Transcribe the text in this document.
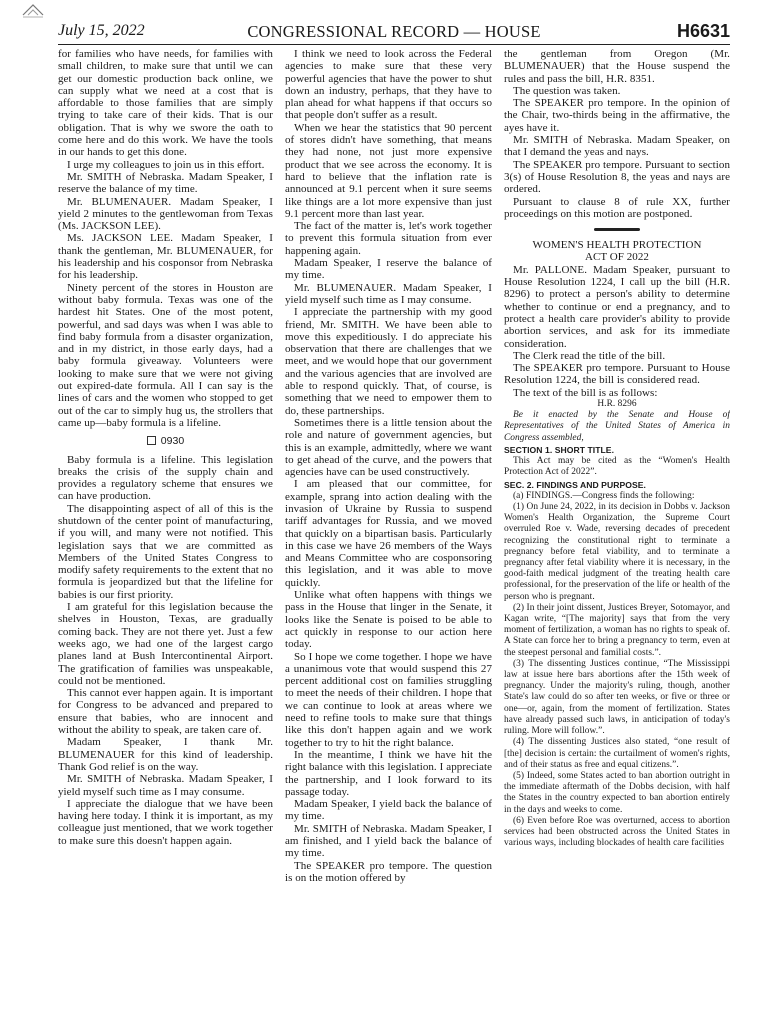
July 15, 2022	CONGRESSIONAL RECORD — HOUSE	H6631

for families who have needs, for families with small children, to make sure that until we can get our domestic production back online, we can supply what we need at a cost that is affordable to those families that are simply trying to take care of their kids. That is our obligation. That is why we swore the oath to come here and do this work. We have the tools in our hands to get this done.

I urge my colleagues to join us in this effort.

Mr. SMITH of Nebraska. Madam Speaker, I reserve the balance of my time.

Mr. BLUMENAUER. Madam Speaker, I yield 2 minutes to the gentlewoman from Texas (Ms. JACKSON LEE).

Ms. JACKSON LEE. Madam Speaker, I thank the gentleman, Mr. BLUMENAUER, for his leadership and his cosponsor from Nebraska for his leadership.

Ninety percent of the stores in Houston are without baby formula. Texas was one of the hardest hit States. One of the most potent, powerful, and sad days was when I was able to find baby formula from a disaster organization, and in my district, in those early days, had a baby formula giveaway. Volunteers were looking to make sure that we were not giving out expired-date formula. All I can say is the lines of cars and the women who stopped to get out of the car to simply hug us, the strollers that came up—baby formula is a lifeline.

0930

Baby formula is a lifeline. This legislation breaks the crisis of the supply chain and provides a regulatory scheme that ensures we can have production.

The disappointing aspect of all of this is the shutdown of the center point of manufacturing, if you will, and many were not notified. This legislation says that we are committed as Members of the United States Congress to modify safety requirements to the extent that no formula is jeopardized but that the lifeline for babies is our first priority.

I am grateful for this legislation because the shelves in Houston, Texas, are gradually coming back. They are not there yet. Just a few weeks ago, we had one of the largest cargo planes land at Bush Intercontinental Airport. The gratification of families was unspeakable, could not be mentioned.

This cannot ever happen again. It is important for Congress to be advanced and prepared to ensure that babies, who are innocent and without the ability to speak, are taken care of.

Madam Speaker, I thank Mr. BLUMENAUER for this kind of leadership. Thank God relief is on the way.

Mr. SMITH of Nebraska. Madam Speaker, I yield myself such time as I may consume.

I appreciate the dialogue that we have been having here today. I think it is important, as my colleague just mentioned, that we work together to make sure this doesn't happen again.

I think we need to look across the Federal agencies to make sure that these very powerful agencies that have the power to shut down an industry, perhaps, that they have to plan ahead for what happens if that occurs so that people don't suffer as a result.

When we hear the statistics that 90 percent of stores didn't have something, that means they had none, not just more expensive product that we see across the economy. It is hard to believe that the inflation rate is announced at 9.1 percent when it sure seems like things are a lot more expensive than just 9.1 percent more than last year.

The fact of the matter is, let's work together to prevent this formula situation from ever happening again.

Madam Speaker, I reserve the balance of my time.

Mr. BLUMENAUER. Madam Speaker, I yield myself such time as I may consume.

I appreciate the partnership with my good friend, Mr. SMITH. We have been able to move this expeditiously. I do appreciate his observation that there are challenges that we meet, and we would hope that our government and the various agencies that are involved are able to respond quickly. That, of course, is something that we need to empower them to do, these partnerships.

Sometimes there is a little tension about the role and nature of government agencies, but this is an example, admittedly, where we want to get ahead of the curve, and the powers that agencies have can be used constructively.

I am pleased that our committee, for example, sprang into action dealing with the invasion of Ukraine by Russia to suspend tariff advantages for Russia, and we moved that quickly on a bipartisan basis. Particularly in this case we have 26 members of the Ways and Means Committee who are cosponsoring this legislation, and it was able to move quickly.

Unlike what often happens with things we pass in the House that linger in the Senate, it looks like the Senate is poised to be able to act quickly in response to our action here today.

So I hope we come together. I hope we have a unanimous vote that would suspend this 27 percent additional cost on families struggling to meet the needs of their children. I hope that we can continue to look at areas where we need to refine tools to make sure that things like this don't happen again and we work together to try to hit the right balance.

In the meantime, I think we have hit the right balance with this legislation. I appreciate the partnership, and I look forward to its passage today.

Madam Speaker, I yield back the balance of my time.

Mr. SMITH of Nebraska. Madam Speaker, I am finished, and I yield back the balance of my time.

The SPEAKER pro tempore. The question is on the motion offered by

the gentleman from Oregon (Mr. BLUMENAUER) that the House suspend the rules and pass the bill, H.R. 8351.

The question was taken.

The SPEAKER pro tempore. In the opinion of the Chair, two-thirds being in the affirmative, the ayes have it.

Mr. SMITH of Nebraska. Madam Speaker, on that I demand the yeas and nays.

The SPEAKER pro tempore. Pursuant to section 3(s) of House Resolution 8, the yeas and nays are ordered.

Pursuant to clause 8 of rule XX, further proceedings on this motion are postponed.

WOMEN'S HEALTH PROTECTION

ACT OF 2022

Mr. PALLONE. Madam Speaker, pursuant to House Resolution 1224, I call up the bill (H.R. 8296) to protect a person's ability to determine whether to continue or end a pregnancy, and to protect a health care provider's ability to provide abortion services, and ask for its immediate consideration.

The Clerk read the title of the bill.

The SPEAKER pro tempore. Pursuant to House Resolution 1224, the bill is considered read.

The text of the bill is as follows:

H.R. 8296

Be it enacted by the Senate and House of Representatives of the United States of America in Congress assembled,

SECTION 1. SHORT TITLE.

This Act may be cited as the “Women's Health Protection Act of 2022”.

SEC. 2. FINDINGS AND PURPOSE.

(a) FINDINGS.—Congress finds the following:

(1) On June 24, 2022, in its decision in Dobbs v. Jackson Women's Health Organization, the Supreme Court overruled Roe v. Wade, reversing decades of precedent recognizing the constitutional right to terminate a pregnancy before fetal viability, and to terminate a pregnancy after fetal viability where it is necessary, in the good-faith medical judgment of the treating health care professional, for the preservation of the life or health of the person who is pregnant.

(2) In their joint dissent, Justices Breyer, Sotomayor, and Kagan write, “[The majority] says that from the very moment of fertilization, a woman has no rights to speak of. A State can force her to bring a pregnancy to term, even at the steepest personal and familial costs.”.

(3) The dissenting Justices continue, “The Mississippi law at issue here bars abortions after the 15th week of pregnancy. Under the majority's ruling, though, another State's law could do so after ten weeks, or five or three or one—or, again, from the moment of fertilization. States have already passed such laws, in anticipation of today's ruling. More will follow.”.

(4) The dissenting Justices also stated, “one result of [the] decision is certain: the curtailment of women's rights, and of their status as free and equal citizens.”.

(5) Indeed, some States acted to ban abortion outright in the immediate aftermath of the Dobbs decision, with half the States in the country expected to ban abortion entirely in the days and weeks to come.

(6) Even before Roe was overturned, access to abortion services had been obstructed across the United States in various ways, including blockades of health care facilities
